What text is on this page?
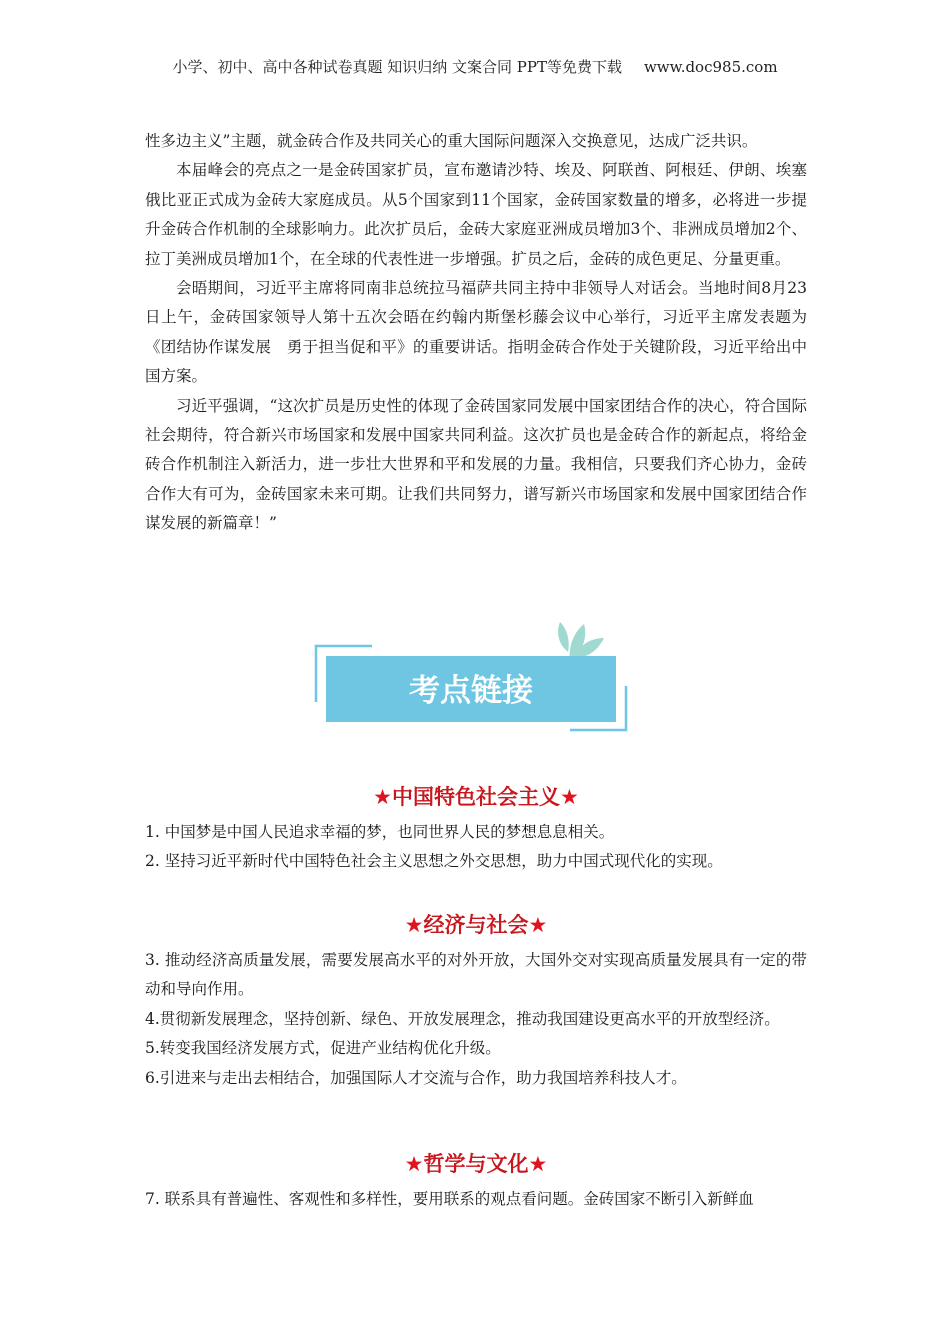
小学、初中、高中各种试卷真题 知识归纳 文案合同 PPT等免费下载 www.doc985.com

性多边主义”主题，就金砖合作及共同关心的重大国际问题深入交换意见，达成广泛共识。

本届峰会的亮点之一是金砖国家扩员，宣布邀请沙特、埃及、阿联酋、阿根廷、伊朗、埃塞俄比亚正式成为金砖大家庭成员。从5个国家到11个国家，金砖国家数量的增多，必将进一步提升金砖合作机制的全球影响力。此次扩员后，金砖大家庭亚洲成员增加3个、非洲成员增加2个、拉丁美洲成员增加1个，在全球的代表性进一步增强。扩员之后，金砖的成色更足、分量更重。

会晤期间，习近平主席将同南非总统拉马福萨共同主持中非领导人对话会。当地时间8月23日上午，金砖国家领导人第十五次会晤在约翰内斯堡杉藤会议中心举行，习近平主席发表题为《团结协作谋发展　勇于担当促和平》的重要讲话。指明金砖合作处于关键阶段，习近平给出中国方案。

习近平强调，“这次扩员是历史性的体现了金砖国家同发展中国家团结合作的决心，符合国际社会期待，符合新兴市场国家和发展中国家共同利益。这次扩员也是金砖合作的新起点，将给金砖合作机制注入新活力，进一步壮大世界和平和发展的力量。我相信，只要我们齐心协力，金砖合作大有可为，金砖国家未来可期。让我们共同努力，谱写新兴市场国家和发展中国家团结合作谋发展的新篇章！”

考点链接
★中国特色社会主义★

1. 中国梦是中国人民追求幸福的梦，也同世界人民的梦想息息相关。

2. 坚持习近平新时代中国特色社会主义思想之外交思想，助力中国式现代化的实现。

★经济与社会★

3. 推动经济高质量发展，需要发展高水平的对外开放，大国外交对实现高质量发展具有一定的带动和导向作用。

4.贯彻新发展理念，坚持创新、绿色、开放发展理念，推动我国建设更高水平的开放型经济。

5.转变我国经济发展方式，促进产业结构优化升级。

6.引进来与走出去相结合，加强国际人才交流与合作，助力我国培养科技人才。

★哲学与文化★

7. 联系具有普遍性、客观性和多样性，要用联系的观点看问题。金砖国家不断引入新鲜血
